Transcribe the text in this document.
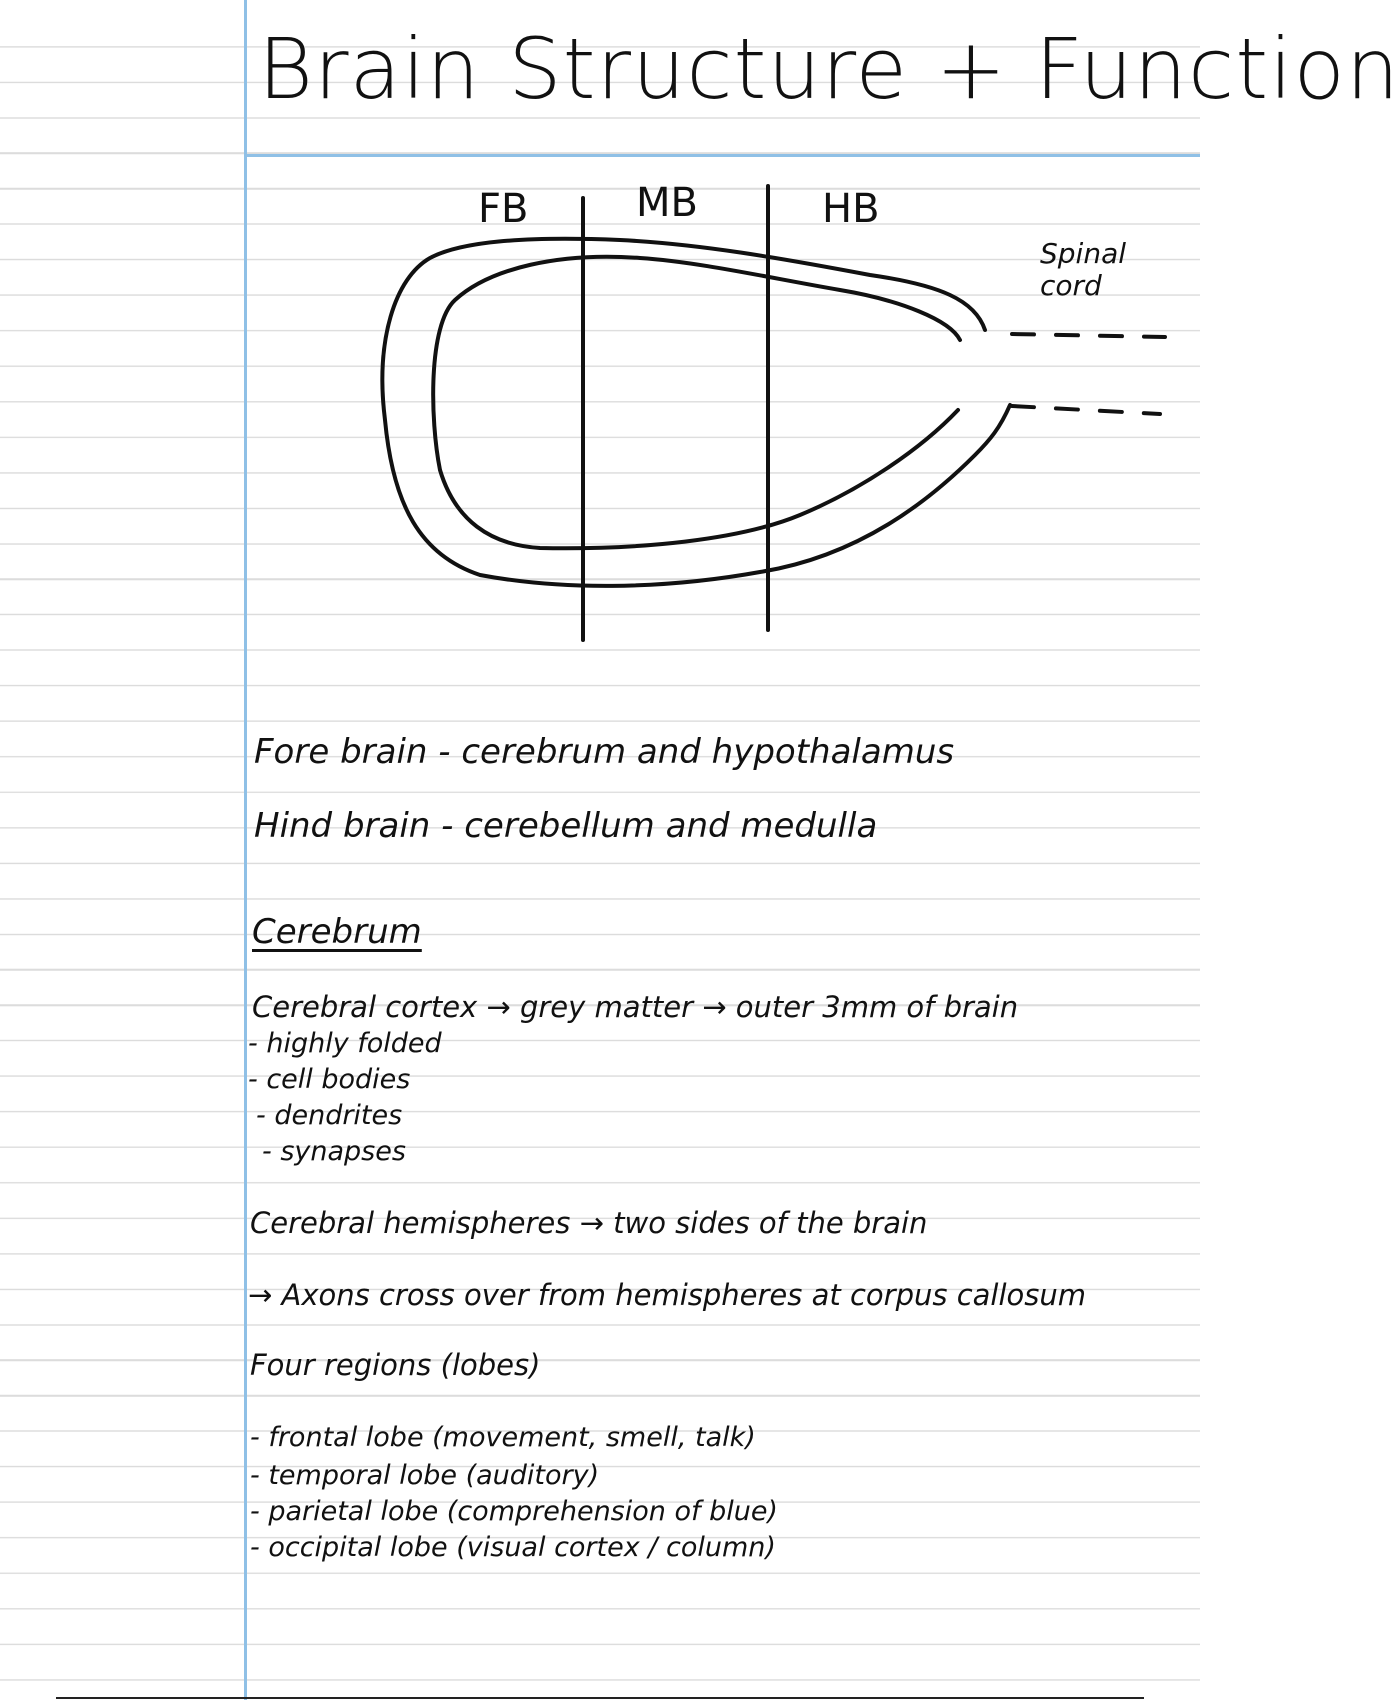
Brain Structure + Function
FB	MB	HB
Spinal
cord
Fore brain - cerebrum and hypothalamus
Hind brain - cerebellum and medulla
Cerebrum
Cerebral cortex → grey matter → outer 3mm of brain
- highly folded
- cell bodies
- dendrites
- synapses
Cerebral hemispheres → two sides of the brain
→ Axons cross over from hemispheres at corpus callosum
Four regions (lobes)
- frontal lobe (movement, smell, talk)
- temporal lobe (auditory)
- parietal lobe (comprehension of blue)
- occipital lobe (visual cortex / column)
